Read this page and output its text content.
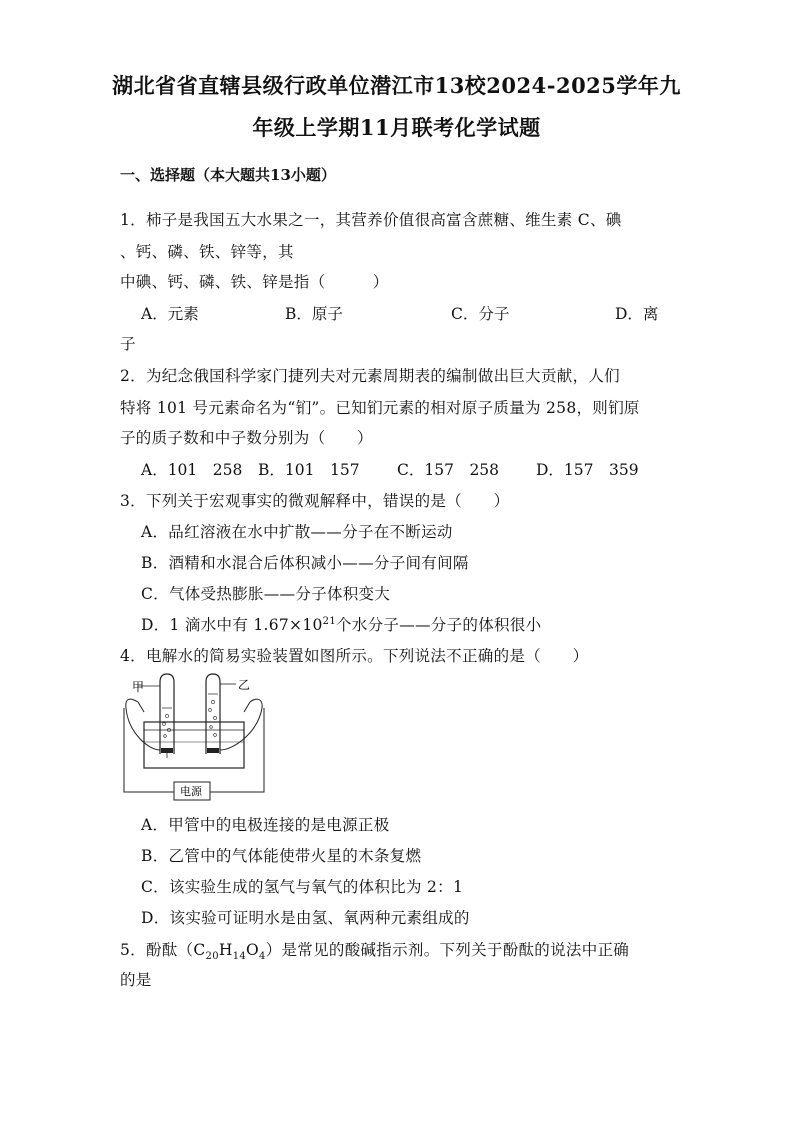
湖北省省直辖县级行政单位潜江市13校2024-2025学年九
年级上学期11月联考化学试题
一、选择题（本大题共13小题）
1．柿子是我国五大水果之一，其营养价值很高富含蔗糖、维生素 C、碘
、钙、磷、铁、锌等，其
中碘、钙、磷、铁、锌是指（　　　）
A．元素	B．原子	C．分子	D．离
子
2．为纪念俄国科学家门捷列夫对元素周期表的编制做出巨大贡献，人们
特将 101 号元素命名为“钔”。已知钔元素的相对原子质量为 258，则钔原
子的质子数和中子数分别为（　　）
A．101　258 B．101　157 C．157　258 D．157　359
3．下列关于宏观事实的微观解释中，错误的是（　　）
A．品红溶液在水中扩散——分子在不断运动
B．酒精和水混合后体积减小——分子间有间隔
C．气体受热膨胀——分子体积变大
D．1 滴水中有 $1.67\times 10^{21}$个水分子——分子的体积很小
4．电解水的简易实验装置如图所示。下列说法不正确的是（　　）
甲	乙
电源
A．甲管中的电极连接的是电源正极
B．乙管中的气体能使带火星的木条复燃
C．该实验生成的氢气与氧气的体积比为 2：1
D．该实验可证明水是由氢、氧两种元素组成的
5．酚酞$(C_{20}H_{14}O_4)$是常见的酸碱指示剂。下列关于酚酞的说法中正确
的是
